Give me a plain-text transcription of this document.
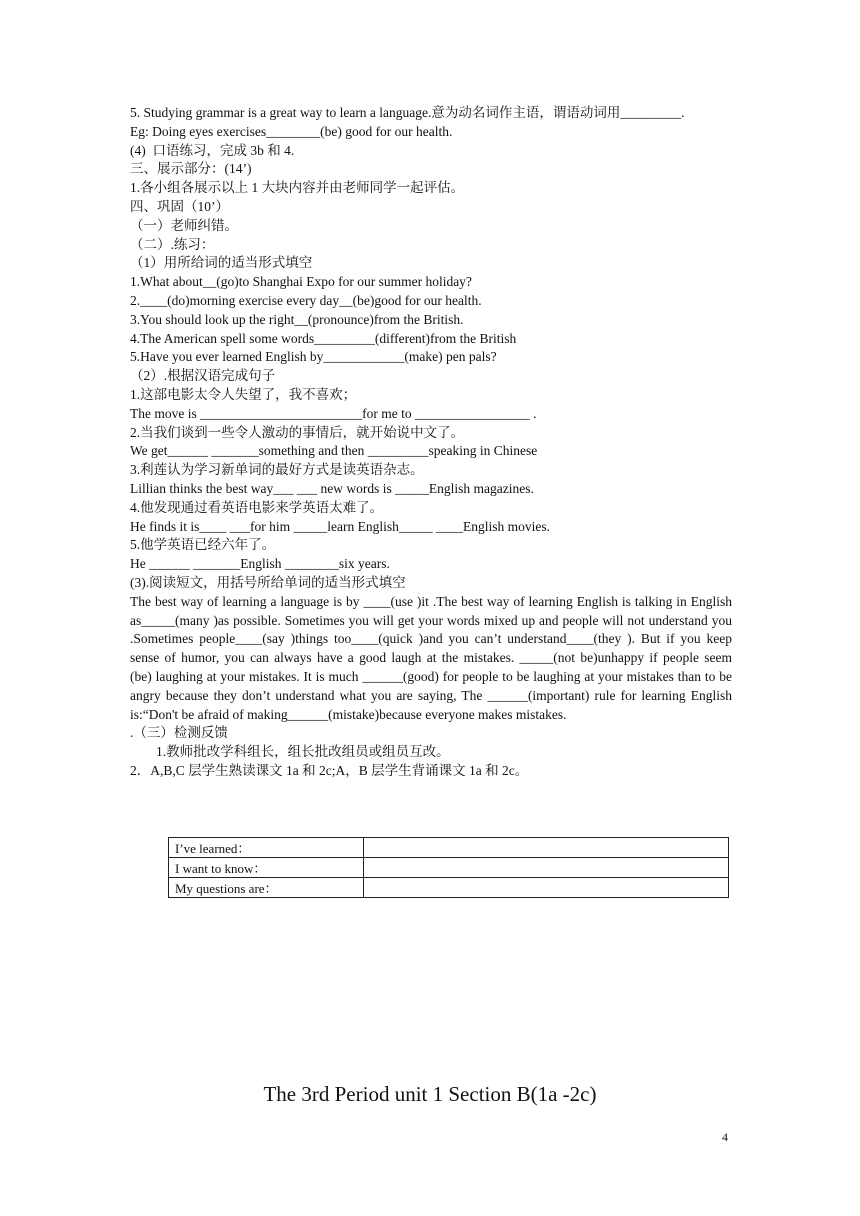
5. Studying grammar is a great way to learn a language.意为动名词作主语，谓语动词用_________.

Eg: Doing eyes exercises________(be) good for our health.

(4)  口语练习，完成 3b 和 4.

三、展示部分：(14’)

1.各小组各展示以上 1 大块内容并由老师同学一起评估。

四、巩固（10’）

（一）老师纠错。

（二）.练习：

（1）用所给词的适当形式填空

1.What about__(go)to Shanghai Expo for our summer holiday?

2.____(do)morning exercise every day__(be)good for our health.

3.You should look up the right__(pronounce)from the British.

4.The American spell some words_________(different)from the British

5.Have you ever learned English by____________(make) pen pals?

（2）.根据汉语完成句子

1.这部电影太令人失望了，我不喜欢；

The move is ________________________for me to _________________ .

2.当我们谈到一些令人激动的事情后，就开始说中文了。

We get______ _______something and then _________speaking in Chinese

3.利莲认为学习新单词的最好方式是读英语杂志。

Lillian thinks the best way___ ___ new words is _____English magazines.

4.他发现通过看英语电影来学英语太难了。

He finds it is____ ___for him _____learn English_____ ____English movies.

5.他学英语已经六年了。

He ______ _______English ________six years.

(3).阅读短文，用括号所给单词的适当形式填空

The best way of learning a language is by ____(use )it .The best way of learning English is talking in English as_____(many )as possible. Sometimes you will get your words mixed up and people will not understand you .Sometimes people____(say )things too____(quick )and you can’t understand____(they ). But if you keep sense of humor, you can always have a good laugh at the mistakes. _____(not be)unhappy if people seem            (be) laughing at your mistakes. It is much ______(good) for people to be laughing at your mistakes than to be angry because they don’t understand what you are saying, The ______(important) rule for learning English is:“Don't be afraid of making______(mistake)because everyone makes mistakes.

.（三）检测反馈

1.教师批改学科组长，组长批改组员或组员互改。

2．A,B,C 层学生熟读课文 1a 和 2c;A，B 层学生背诵课文 1a 和 2c。

I’ve learned：	
I want to know：	
My questions are：	
The 3rd Period unit 1 Section B(1a -2c)
4
